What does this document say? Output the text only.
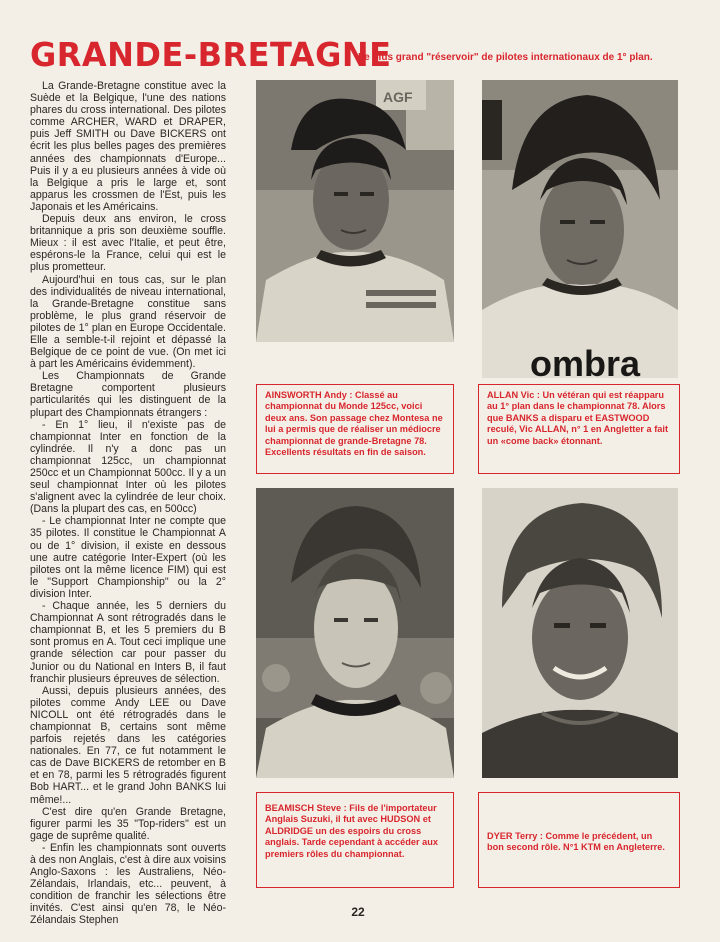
GRANDE-BRETAGNE
Le plus grand "réservoir" de pilotes internationaux de 1° plan.

La Grande-Bretagne constitue avec la Suède et la Belgique, l'une des nations phares du cross international. Des pilotes comme ARCHER, WARD et DRAPER, puis Jeff SMITH ou Dave BICKERS ont écrit les plus belles pages des premières années des championnats d'Europe... Puis il y a eu plusieurs années à vide où la Belgique a pris le large et, sont apparus les crossmen de l'Est, puis les Japonais et les Américains.

Depuis deux ans environ, le cross britannique a pris son deuxième souffle. Mieux : il est avec l'Italie, et peut être, espérons-le la France, celui qui est le plus prometteur.

Aujourd'hui en tous cas, sur le plan des individualités de niveau international, la Grande-Bretagne constitue sans problème, le plus grand réservoir de pilotes de 1° plan en Europe Occidentale. Elle a semble-t-il rejoint et dépassé la Belgique de ce point de vue. (On met ici à part les Américains évidemment).

Les Championnats de Grande Bretagne comportent plusieurs particularités qui les distinguent de la plupart des Championnats étrangers :

- En 1° lieu, il n'existe pas de championnat Inter en fonction de la cylindrée. Il n'y a donc pas un championnat 125cc, un championnat 250cc et un Championnat 500cc. Il y a un seul championnat Inter où les pilotes s'alignent avec la cylindrée de leur choix. (Dans la plupart des cas, en 500cc)

- Le championnat Inter ne compte que 35 pilotes. Il constitue le Championnat A ou de 1° division, il existe en dessous une autre catégorie Inter-Expert (où les pilotes ont la même licence FIM) qui est le "Support Championship" ou la 2° division Inter.

- Chaque année, les 5 derniers du Championnat A sont rétrogradés dans le championnat B, et les 5 premiers du B sont promus en A. Tout ceci implique une grande sélection car pour passer du Junior ou du National en Inters B, il faut franchir plusieurs épreuves de sélection.

Aussi, depuis plusieurs années, des pilotes comme Andy LEE ou Dave NICOLL ont été rétrogradés dans le championnat B, certains sont même parfois rejetés dans les catégories nationales. En 77, ce fut notamment le cas de Dave BICKERS de retomber en B et en 78, parmi les 5 rétrogradés figurent Bob HART... et le grand John BANKS lui même!...

C'est dire qu'en Grande Bretagne, figurer parmi les 35 "Top-riders" est un gage de suprême qualité.

- Enfin les championnats sont ouverts à des non Anglais, c'est à dire aux voisins Anglo-Saxons : les Australiens, Néo-Zélandais, Irlandais, etc... peuvent, à condition de franchir les sélections être invités. C'est ainsi qu'en 78, le Néo-Zélandais Stephen

AGF
ombra
AINSWORTH Andy : Classé au championnat du Monde 125cc, voici deux ans. Son passage chez Montesa ne lui a permis que de réaliser un médiocre championnat de grande-Bretagne 78. Excellents résultats en fin de saison.
ALLAN Vic : Un vétéran qui est réapparu au 1° plan dans le championnat 78. Alors que BANKS a disparu et EASTWOOD reculé, Vic ALLAN, n° 1 en Angletter a fait un «come back» étonnant.
BEAMISCH Steve : Fils de l'importateur Anglais Suzuki, il fut avec HUDSON et ALDRIDGE un des espoirs du cross anglais. Tarde cependant à accéder aux premiers rôles du championnat.
DYER Terry : Comme le précédent, un bon second rôle. N°1 KTM en Angleterre.
22
